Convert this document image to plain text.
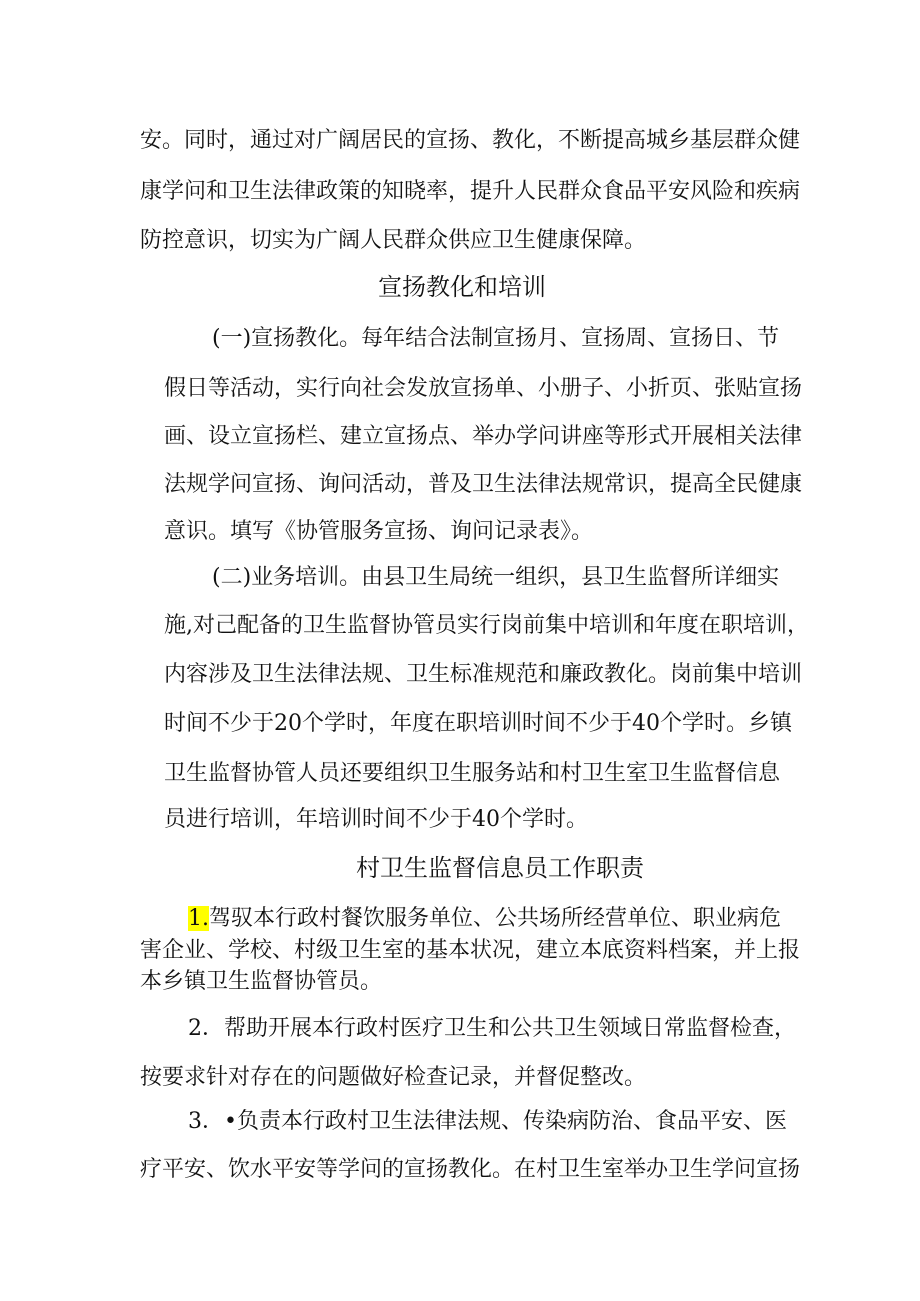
安。同时，通过对广阔居民的宣扬、教化，不断提高城乡基层群众健
康学问和卫生法律政策的知晓率，提升人民群众食品平安风险和疾病
防控意识，切实为广阔人民群众供应卫生健康保障。
宣扬教化和培训
(一)宣扬教化。每年结合法制宣扬月、宣扬周、宣扬日、节
假日等活动，实行向社会发放宣扬单、小册子、小折页、张贴宣扬
画、设立宣扬栏、建立宣扬点、举办学问讲座等形式开展相关法律
法规学问宣扬、询问活动，普及卫生法律法规常识，提高全民健康
意识。填写《协管服务宣扬、询问记录表》。
(二)业务培训。由县卫生局统一组织，县卫生监督所详细实
施,对己配备的卫生监督协管员实行岗前集中培训和年度在职培训，
内容涉及卫生法律法规、卫生标准规范和廉政教化。岗前集中培训
时间不少于20个学时，年度在职培训时间不少于40个学时。乡镇
卫生监督协管人员还要组织卫生服务站和村卫生室卫生监督信息
员进行培训，年培训时间不少于40个学时。
村卫生监督信息员工作职责
1.驾驭本行政村餐饮服务单位、公共场所经营单位、职业病危
害企业、学校、村级卫生室的基本状况，建立本底资料档案，并上报
本乡镇卫生监督协管员。
2．帮助开展本行政村医疗卫生和公共卫生领域日常监督检查，
按要求针对存在的问题做好检查记录，并督促整改。
3．•负责本行政村卫生法律法规、传染病防治、食品平安、医
疗平安、饮水平安等学问的宣扬教化。在村卫生室举办卫生学问宣扬
